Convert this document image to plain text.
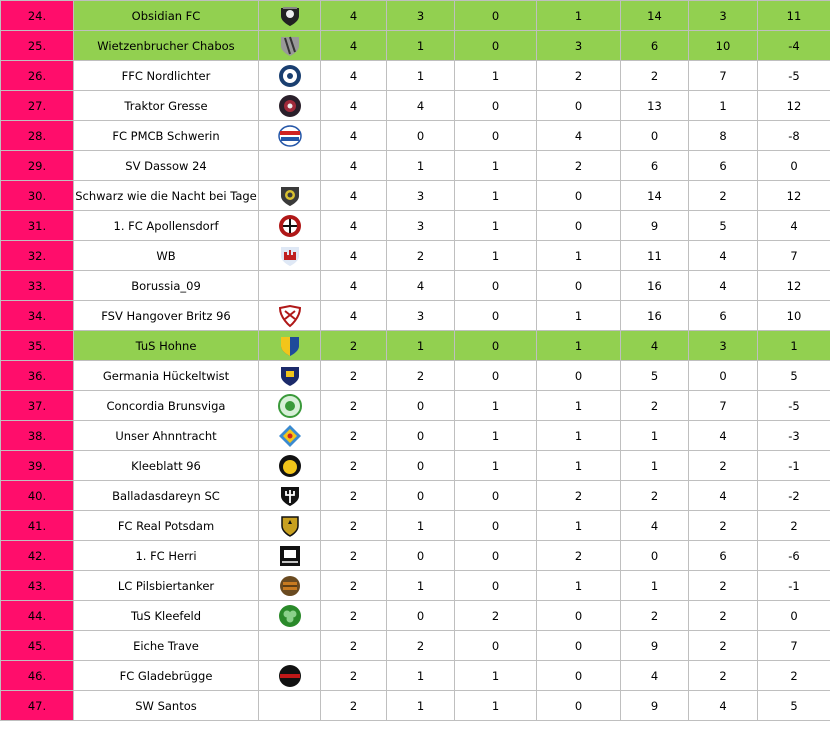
24.	Obsidian FC		4	3	0	1	14	3	11
25.	Wietzenbrucher Chabos		4	1	0	3	6	10	-4
26.	FFC Nordlichter		4	1	1	2	2	7	-5
27.	Traktor Gresse		4	4	0	0	13	1	12
28.	FC PMCB Schwerin		4	0	0	4	0	8	-8
29.	SV Dassow 24		4	1	1	2	6	6	0
30.	Schwarz wie die Nacht bei Tage		4	3	1	0	14	2	12
31.	1. FC Apollensdorf		4	3	1	0	9	5	4
32.	WB		4	2	1	1	11	4	7
33.	Borussia_09		4	4	0	0	16	4	12
34.	FSV Hangover Britz 96		4	3	0	1	16	6	10
35.	TuS Hohne		2	1	0	1	4	3	1
36.	Germania Hückeltwist		2	2	0	0	5	0	5
37.	Concordia Brunsviga		2	0	1	1	2	7	-5
38.	Unser Ahnntracht		2	0	1	1	1	4	-3
39.	Kleeblatt 96		2	0	1	1	1	2	-1
40.	Balladasdareyn SC		2	0	0	2	2	4	-2
41.	FC Real Potsdam		2	1	0	1	4	2	2
42.	1. FC Herri		2	0	0	2	0	6	-6
43.	LC Pilsbiertanker		2	1	0	1	1	2	-1
44.	TuS Kleefeld		2	0	2	0	2	2	0
45.	Eiche Trave		2	2	0	0	9	2	7
46.	FC Gladebrügge		2	1	1	0	4	2	2
47.	SW Santos		2	1	1	0	9	4	5
